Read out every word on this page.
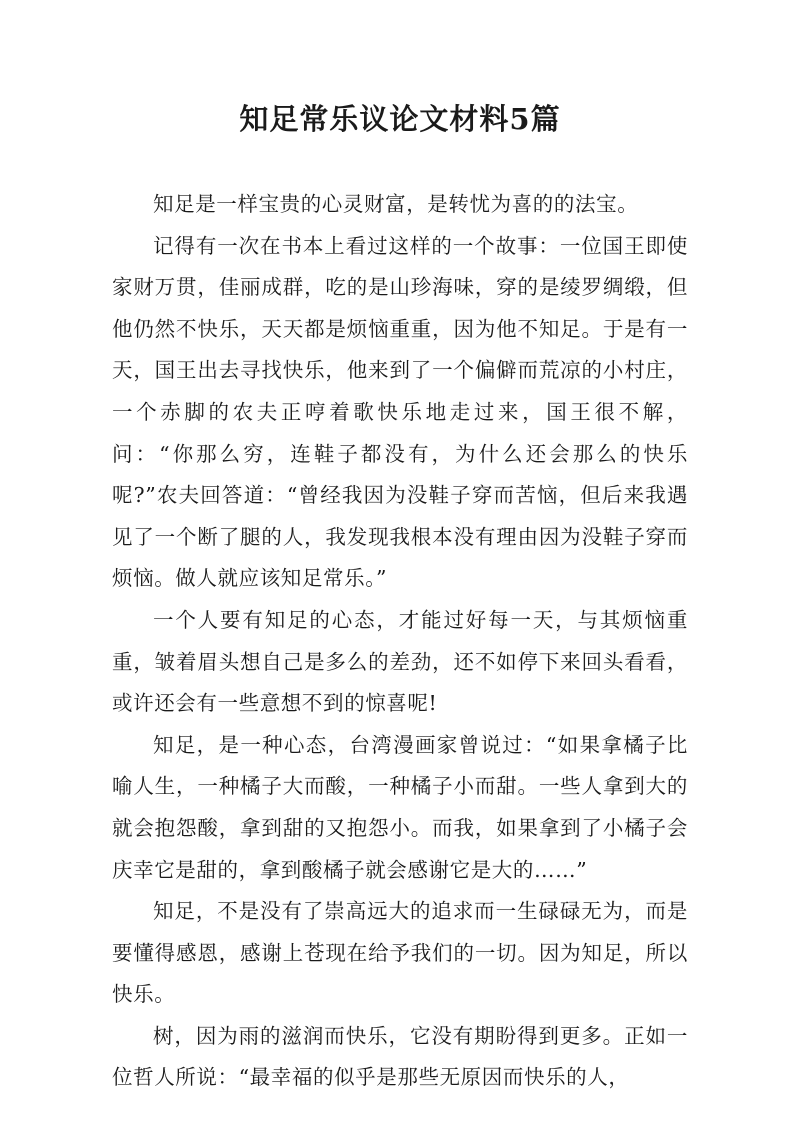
知足常乐议论文材料5篇

知足是一样宝贵的心灵财富，是转忧为喜的的法宝。

记得有一次在书本上看过这样的一个故事：一位国王即使家财万贯，佳丽成群，吃的是山珍海味，穿的是绫罗绸缎，但他仍然不快乐，天天都是烦恼重重，因为他不知足。于是有一天，国王出去寻找快乐，他来到了一个偏僻而荒凉的小村庄，一个赤脚的农夫正哼着歌快乐地走过来，国王很不解，问：“你那么穷，连鞋子都没有，为什么还会那么的快乐呢?”农夫回答道：“曾经我因为没鞋子穿而苦恼，但后来我遇见了一个断了腿的人，我发现我根本没有理由因为没鞋子穿而烦恼。做人就应该知足常乐。”

一个人要有知足的心态，才能过好每一天，与其烦恼重重，皱着眉头想自己是多么的差劲，还不如停下来回头看看，或许还会有一些意想不到的惊喜呢!

知足，是一种心态，台湾漫画家曾说过：“如果拿橘子比喻人生，一种橘子大而酸，一种橘子小而甜。一些人拿到大的就会抱怨酸，拿到甜的又抱怨小。而我，如果拿到了小橘子会庆幸它是甜的，拿到酸橘子就会感谢它是大的……”

知足，不是没有了崇高远大的追求而一生碌碌无为，而是要懂得感恩，感谢上苍现在给予我们的一切。因为知足，所以快乐。

树，因为雨的滋润而快乐，它没有期盼得到更多。正如一位哲人所说：“最幸福的似乎是那些无原因而快乐的人，
